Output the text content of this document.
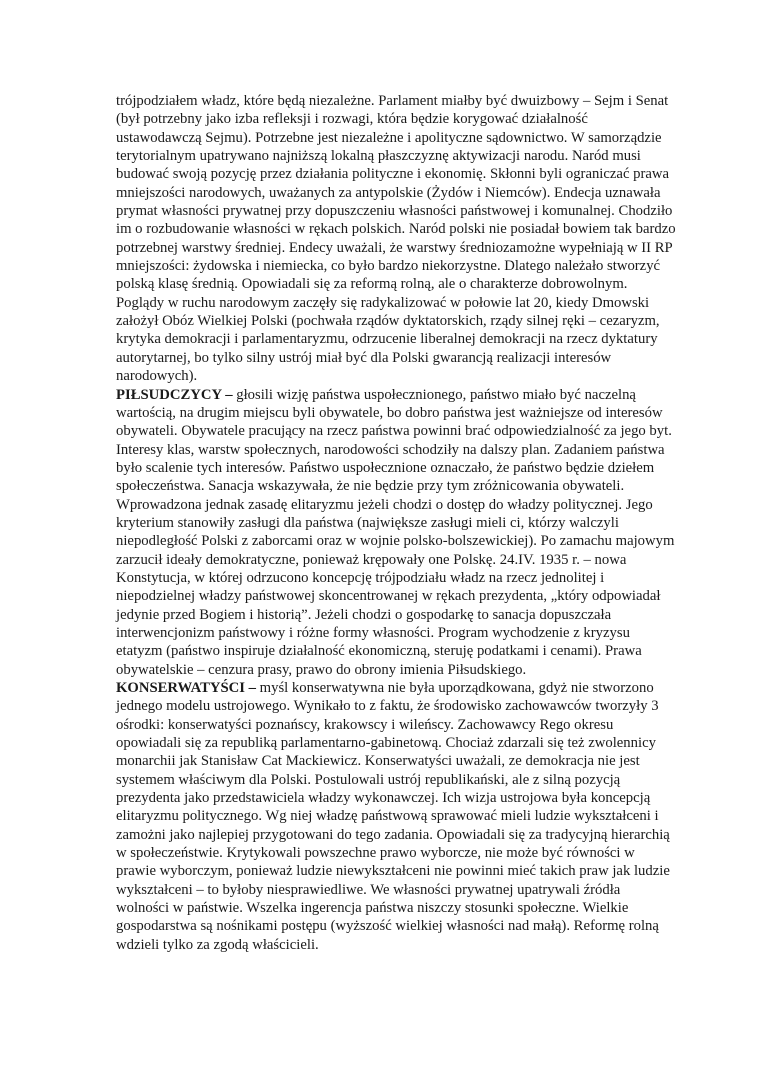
trójpodziałem władz, które będą niezależne. Parlament miałby być dwuizbowy – Sejm i Senat (był potrzebny jako izba refleksji i rozwagi, która będzie korygować działalność ustawodawczą Sejmu). Potrzebne jest niezależne i apolityczne sądownictwo. W samorządzie terytorialnym upatrywano najniższą lokalną płaszczyznę aktywizacji narodu. Naród musi budować swoją pozycję przez działania polityczne i ekonomię. Skłonni byli ograniczać prawa mniejszości narodowych, uważanych za antypolskie (Żydów i Niemców). Endecja uznawała prymat własności prywatnej przy dopuszczeniu własności państwowej i komunalnej. Chodziło im o rozbudowanie własności w rękach polskich. Naród polski nie posiadał bowiem tak bardzo potrzebnej warstwy średniej. Endecy uważali, że warstwy średniozamożne wypełniają w II RP mniejszości: żydowska i niemiecka, co było bardzo niekorzystne. Dlatego należało stworzyć polską klasę średnią. Opowiadali się za reformą rolną, ale o charakterze dobrowolnym. Poglądy w ruchu narodowym zaczęły się radykalizować w połowie lat 20, kiedy Dmowski założył Obóz Wielkiej Polski (pochwała rządów dyktatorskich, rządy silnej ręki – cezaryzm, krytyka demokracji i parlamentaryzmu, odrzucenie liberalnej demokracji na rzecz dyktatury autorytarnej, bo tylko silny ustrój miał być dla Polski gwarancją realizacji interesów narodowych).

PIŁSUDCZYCY – głosili wizję państwa uspołecznionego, państwo miało być naczelną wartością, na drugim miejscu byli obywatele, bo dobro państwa jest ważniejsze od interesów obywateli. Obywatele pracujący na rzecz państwa powinni brać odpowiedzialność za jego byt. Interesy klas, warstw społecznych, narodowości schodziły na dalszy plan. Zadaniem państwa było scalenie tych interesów. Państwo uspołecznione oznaczało, że państwo będzie dziełem społeczeństwa. Sanacja wskazywała, że nie będzie przy tym zróżnicowania obywateli. Wprowadzona jednak zasadę elitaryzmu jeżeli chodzi o dostęp do władzy politycznej. Jego kryterium stanowiły zasługi dla państwa (największe zasługi mieli ci, którzy walczyli niepodległość Polski z zaborcami oraz w wojnie polsko-bolszewickiej). Po zamachu majowym zarzucił ideały demokratyczne, ponieważ krępowały one Polskę. 24.IV. 1935 r. – nowa Konstytucja, w której odrzucono koncepcję trójpodziału władz na rzecz jednolitej i niepodzielnej władzy państwowej skoncentrowanej w rękach prezydenta, „który odpowiadał jedynie przed Bogiem i historią”. Jeżeli chodzi o gospodarkę to sanacja dopuszczała interwencjonizm państwowy i różne formy własności. Program wychodzenie z kryzysu etatyzm (państwo inspiruje działalność ekonomiczną, steruję podatkami i cenami). Prawa obywatelskie – cenzura prasy, prawo do obrony imienia Piłsudskiego.

KONSERWATYŚCI – myśl konserwatywna nie była uporządkowana, gdyż nie stworzono jednego modelu ustrojowego. Wynikało to z faktu, że środowisko zachowawców tworzyły 3 ośrodki: konserwatyści poznańscy, krakowscy i wileńscy. Zachowawcy Rego okresu opowiadali się za republiką parlamentarno-gabinetową. Chociaż zdarzali się też zwolennicy monarchii jak Stanisław Cat Mackiewicz. Konserwatyści uważali, ze demokracja nie jest systemem właściwym dla Polski. Postulowali ustrój republikański, ale z silną pozycją prezydenta jako przedstawiciela władzy wykonawczej. Ich wizja ustrojowa była koncepcją elitaryzmu politycznego. Wg niej władzę państwową sprawować mieli ludzie wykształceni i zamożni jako najlepiej przygotowani do tego zadania. Opowiadali się za tradycyjną hierarchią w społeczeństwie. Krytykowali powszechne prawo wyborcze, nie może być równości w prawie wyborczym, ponieważ ludzie niewykształceni nie powinni mieć takich praw jak ludzie wykształceni – to byłoby niesprawiedliwe. We własności prywatnej upatrywali źródła wolności w państwie. Wszelka ingerencja państwa niszczy stosunki społeczne. Wielkie gospodarstwa są nośnikami postępu (wyższość wielkiej własności nad małą). Reformę rolną wdzieli tylko za zgodą właścicieli.
